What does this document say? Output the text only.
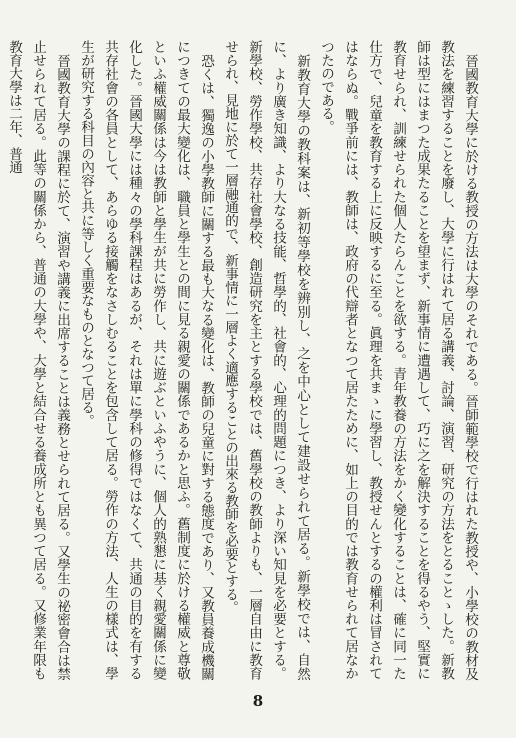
晉國教育大學に於ける教授の方法は大學のそれである。晉師範學校で行はれた教授や、小學校の教材及教法を練習することを廢し、大學に行はれて居る講義、討論、演習、研究の方法をとることゝした。新教師は型にはまつた成果たることを望まず、新事情に遭遇して、巧に之を解決することを得るやう、堅實に教育せられ、訓練せられた個人たらんことを欲する。青年教養の方法をかく變化することは、確に同一た仕方で、兒童を教育する上に反映するに至る。眞理を共まゝに學習し、教授せんとするの權利は冒されてはならぬ。戰爭前には、教師は、政府の代辯者となつて居たために、如上の目的では教育せられて居なかつたのである。

新教育大學の教科案は、新初等學校を辨別し、之を中心として建設せられて居る。新學校では、自然に、より廣き知識、より大なる技能、哲學的、社會的、心理的問題につき、より深い知見を必要とする。新學校、勞作學校、共存社會學校、創造研究を主とする學校では、舊學校の教師よりも、一層自由に教育せられ、見地に於て一層融通的で、新事情に一層よく適應することの出來る教師を必要とする。

恐くは、獨逸の小學教師に關する最も大なる變化は、教師の兒童に對する態度であり、又教員養成機關につきての最大變化は、職員と學生との間に見る親愛の關係であるかと思ふ。舊制度に於ける權威と尊敬といふ權威關係は今は教師と學生が共に勞作し、共に遊ぶといふやうに、個人的熟懇に基く親愛關係に變化した。晉國大學には種々の學科課程はあるが、それは單に學科の修得ではなくて、共通の目的を有する共存社會の各員として、あらゆる接觸をなさしむることを包含して居る。勞作の方法、人生の樣式は、學生が研究する科目の內容と共に等しく重要なものとなつて居る。

晉國教育大學の課程に於て、演習や講義に出席することは義務とせられて居る。又學生の祕密會合は禁止せられて居る。此等の關係から、普通の大學や、大學と結合せる養成所とも異つて居る。又修業年限も教育大學は二年、普通

8
